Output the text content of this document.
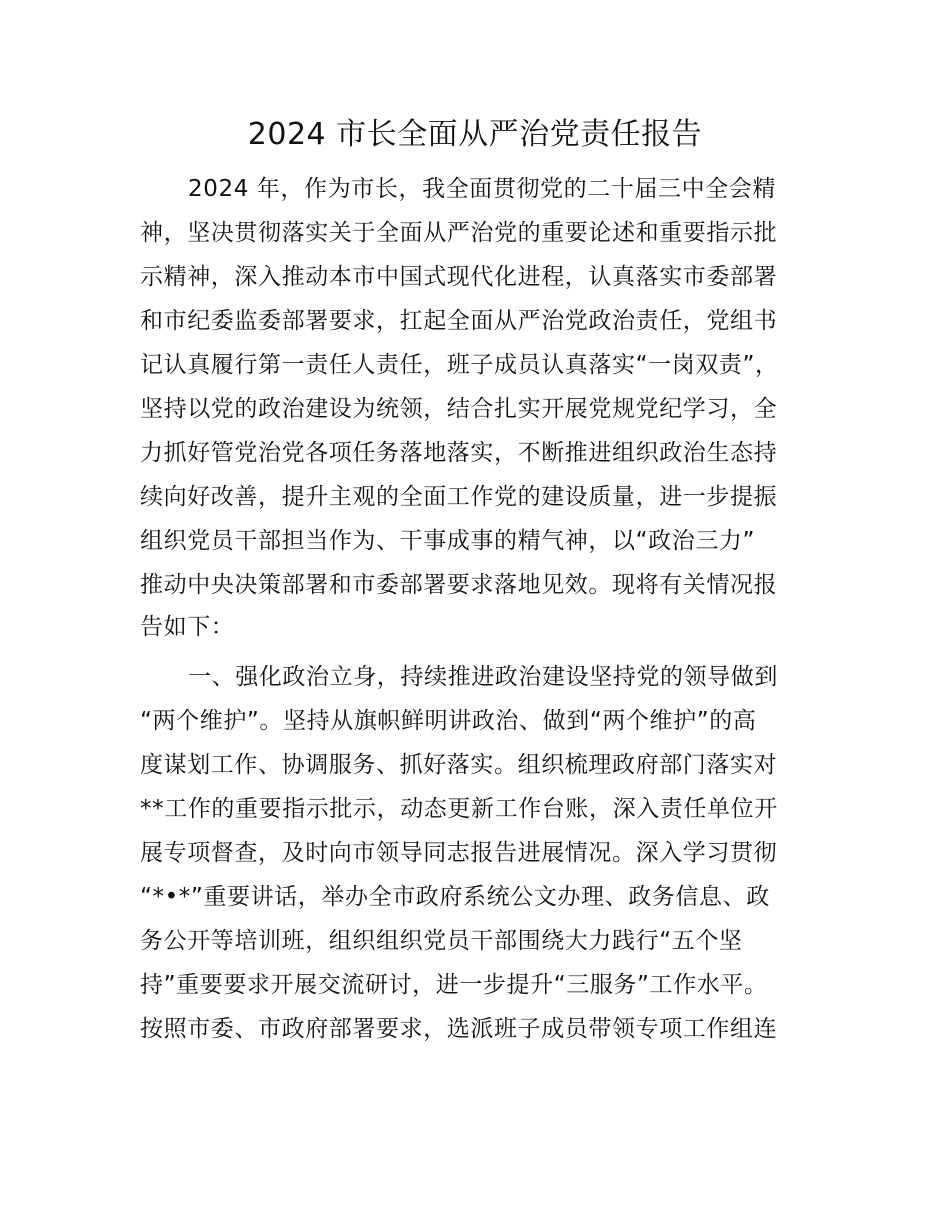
2024 市长全面从严治党责任报告
2024 年，作为市长，我全面贯彻党的二十届三中全会精
神，坚决贯彻落实关于全面从严治党的重要论述和重要指示批
示精神，深入推动本市中国式现代化进程，认真落实市委部署
和市纪委监委部署要求，扛起全面从严治党政治责任，党组书
记认真履行第一责任人责任，班子成员认真落实“一岗双责”，
坚持以党的政治建设为统领，结合扎实开展党规党纪学习，全
力抓好管党治党各项任务落地落实，不断推进组织政治生态持
续向好改善，提升主观的全面工作党的建设质量，进一步提振
组织党员干部担当作为、干事成事的精气神，以“政治三力”
推动中央决策部署和市委部署要求落地见效。现将有关情况报
告如下：
一、强化政治立身，持续推进政治建设坚持党的领导做到
“两个维护”。坚持从旗帜鲜明讲政治、做到“两个维护”的高
度谋划工作、协调服务、抓好落实。组织梳理政府部门落实对
**工作的重要指示批示，动态更新工作台账，深入责任单位开
展专项督查，及时向市领导同志报告进展情况。深入学习贯彻
“*•*”重要讲话，举办全市政府系统公文办理、政务信息、政
务公开等培训班，组织组织党员干部围绕大力践行“五个坚
持”重要要求开展交流研讨，进一步提升“三服务”工作水平。
按照市委、市政府部署要求，选派班子成员带领专项工作组连
